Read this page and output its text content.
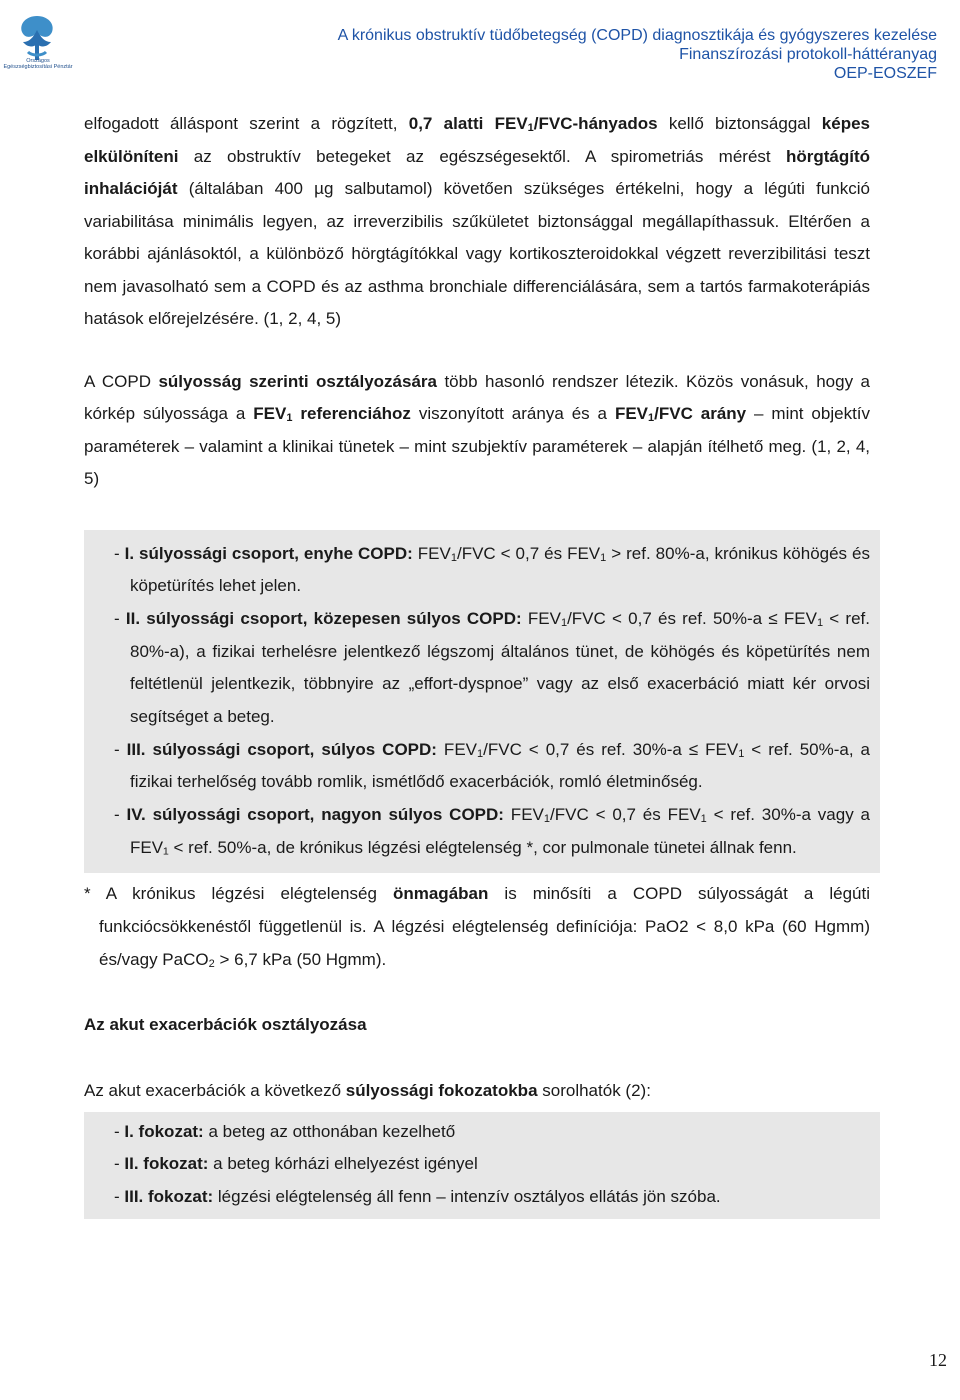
Országos Egészségbiztosítási Pénztár
A krónikus obstruktív tüdőbetegség (COPD) diagnosztikája és gyógyszeres kezelése
Finanszírozási protokoll-háttéranyag
OEP-EOSZEF

elfogadott álláspont szerint a rögzített, 0,7 alatti $FEV_1/FVC$-hányados kellő biztonsággal képes elkülöníteni az obstruktív betegeket az egészségesektől. A spirometriás mérést hörgtágító inhalációját (általában 400 µg salbutamol) követően szükséges értékelni, hogy a légúti funkció variabilitása minimális legyen, az irreverzibilis szűkületet biztonsággal megállapíthassuk. Eltérően a korábbi ajánlásoktól, a különböző hörgtágítókkal vagy kortikoszteroidokkal végzett reverzibilitási teszt nem javasolható sem a COPD és az asthma bronchiale differenciálására, sem a tartós farmakoterápiás hatások előrejelzésére. (1, 2, 4, 5)

A COPD súlyosság szerinti osztályozására több hasonló rendszer létezik. Közös vonásuk, hogy a kórkép súlyossága a $FEV_1$ referenciához viszonyított aránya és a $FEV_1$/FVC arány – mint objektív paraméterek – valamint a klinikai tünetek – mint szubjektív paraméterek – alapján ítélhető meg. (1, 2, 4, 5)

- I. súlyossági csoport, enyhe COPD: $FEV_1$/FVC < 0,7 és $FEV_1$ > ref. 80%-a, krónikus köhögés és köpetürítés lehet jelen.
- II. súlyossági csoport, közepesen súlyos COPD: $FEV_1$/FVC < 0,7 és ref. $50\%-a \le FEV_1$ < ref. 80%-a), a fizikai terhelésre jelentkező légszomj általános tünet, de köhögés és köpetürítés nem feltétlenül jelentkezik, többnyire az „effort-dyspnoe” vagy az első exacerbáció miatt kér orvosi segítséget a beteg.
- III. súlyossági csoport, súlyos COPD: $FEV_1$/FVC < 0,7 és ref. $30\%-a \le FEV_1$ < ref. 50%-a, a fizikai terhelőség tovább romlik, ismétlődő exacerbációk, romló életminőség.
- IV. súlyossági csoport, nagyon súlyos COPD: $FEV_1$/FVC < 0,7 és $FEV_1$ < ref. 30%-a vagy a FEV₁ < ref. 50%-a, de krónikus légzési elégtelenség *, cor pulmonale tünetei állnak fenn.
* A krónikus légzési elégtelenség önmagában is minősíti a COPD súlyosságát a légúti funkciócsökkenéstől függetlenül is. A légzési elégtelenség definíciója: PaO2 < 8,0 kPa (60 Hgmm) és/vagy PaCO$_2$ > 6,7 kPa (50 Hgmm).
Az akut exacerbációk osztályozása
Az akut exacerbációk a következő súlyossági fokozatokba sorolhatók (2):
- I. fokozat: a beteg az otthonában kezelhető
- II. fokozat: a beteg kórházi elhelyezést igényel
- III. fokozat: légzési elégtelenség áll fenn – intenzív osztályos ellátás jön szóba.
12
